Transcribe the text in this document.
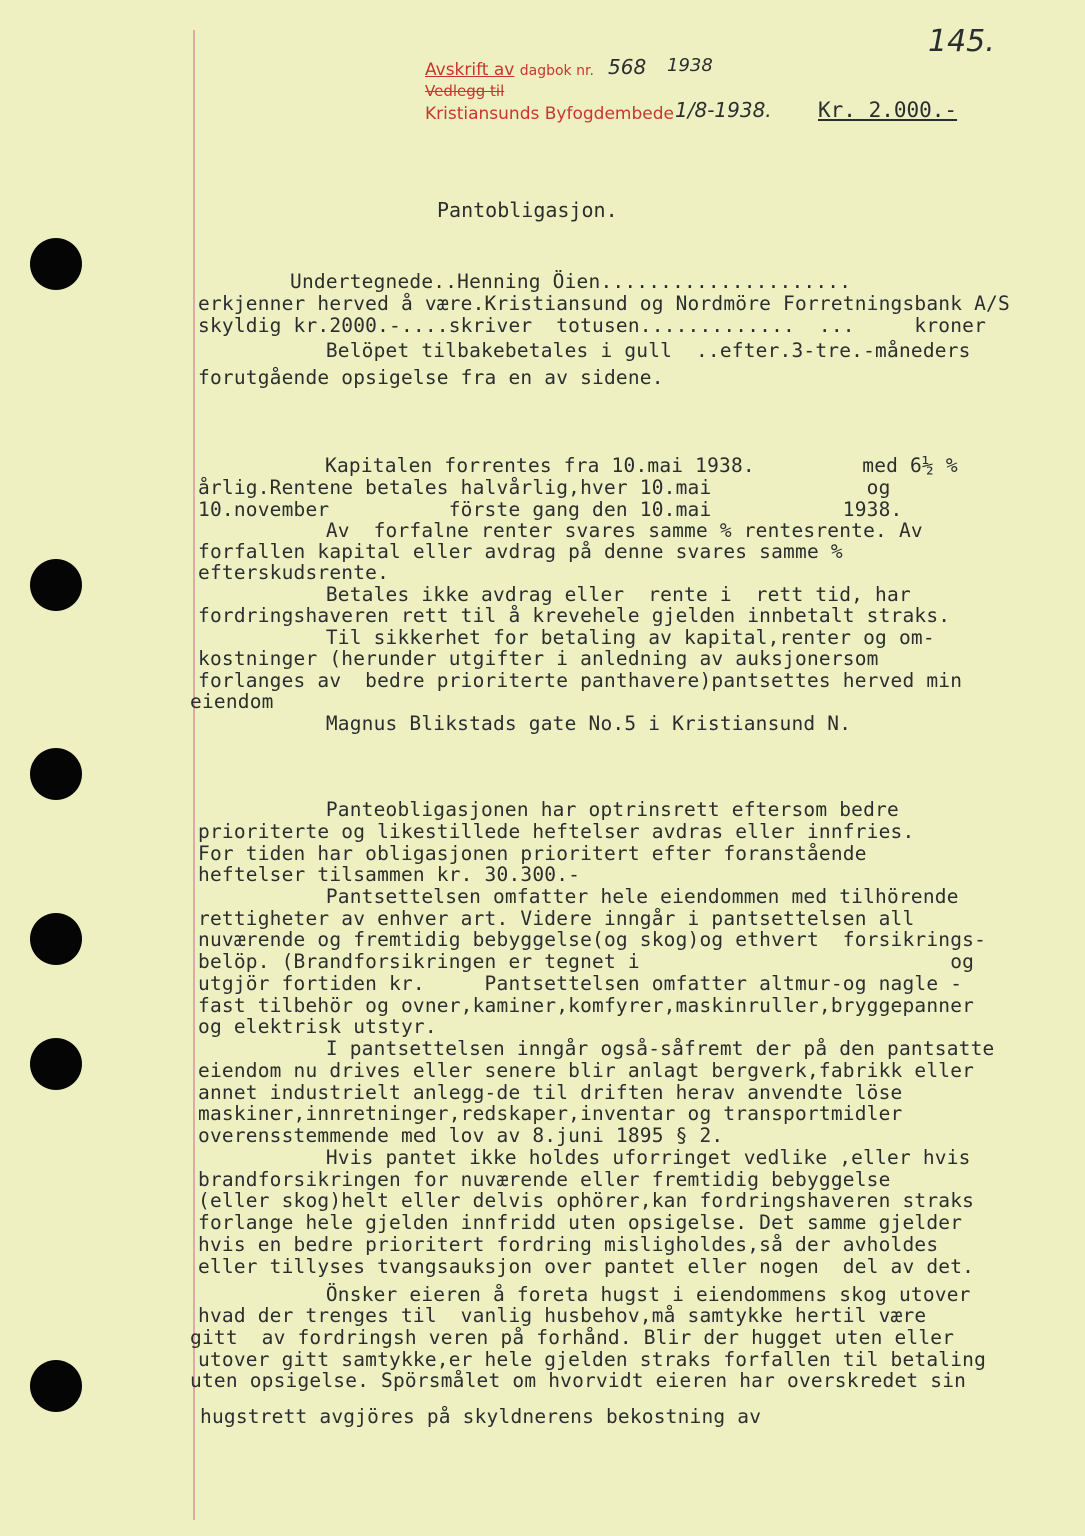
Avskrift av dagbok nr. 568 1938
Vedlegg til
Kristiansunds Byfogdembede 1/8-1938. Kr. 2.000.-
145.
Pantobligasjon.
Undertegnede..Henning Öien.....................
erkjenner herved å være.Kristiansund og Nordmöre Forretningsbank A/S
skyldig kr.2000.-....skriver  totusen.............  ...     kroner
Belöpet tilbakebetales i gull  ..efter.3-tre.-måneders
forutgående opsigelse fra en av sidene.
Kapitalen forrentes fra 10.mai 1938.         med 6½ %
årlig.Rentene betales halvårlig,hver 10.mai             og
10.november          förste gang den 10.mai           1938.
Av  forfalne renter svares samme % rentesrente. Av
forfallen kapital eller avdrag på denne svares samme %
efterskudsrente.
Betales ikke avdrag eller  rente i  rett tid, har
fordringshaveren rett til å krevehele gjelden innbetalt straks.
Til sikkerhet for betaling av kapital,renter og om-
kostninger (herunder utgifter i anledning av auksjonersom
forlanges av  bedre prioriterte panthavere)pantsettes herved min
eiendom
Magnus Blikstads gate No.5 i Kristiansund N.
Panteobligasjonen har optrinsrett eftersom bedre
prioriterte og likestillede heftelser avdras eller innfries.
For tiden har obligasjonen prioritert efter foranstående
heftelser tilsammen kr. 30.300.-
Pantsettelsen omfatter hele eiendommen med tilhörende
rettigheter av enhver art. Videre inngår i pantsettelsen all
nuværende og fremtidig bebyggelse(og skog)og ethvert  forsikrings-
belöp. (Brandforsikringen er tegnet i                          og
utgjör fortiden kr.     Pantsettelsen omfatter altmur-og nagle -
fast tilbehör og ovner,kaminer,komfyrer,maskinruller,bryggepanner
og elektrisk utstyr.
I pantsettelsen inngår også-såfremt der på den pantsatte
eiendom nu drives eller senere blir anlagt bergverk,fabrikk eller
annet industrielt anlegg-de til driften herav anvendte löse
maskiner,innretninger,redskaper,inventar og transportmidler
overensstemmende med lov av 8.juni 1895 § 2.
Hvis pantet ikke holdes uforringet vedlike ,eller hvis
brandforsikringen for nuværende eller fremtidig bebyggelse
(eller skog)helt eller delvis ophörer,kan fordringshaveren straks
forlange hele gjelden innfridd uten opsigelse. Det samme gjelder
hvis en bedre prioritert fordring misligholdes,så der avholdes
eller tillyses tvangsauksjon over pantet eller nogen  del av det.
Önsker eieren å foreta hugst i eiendommens skog utover
hvad der trenges til  vanlig husbehov,må samtykke hertil være
gitt  av fordringsh veren på forhånd. Blir der hugget uten eller
utover gitt samtykke,er hele gjelden straks forfallen til betaling
uten opsigelse. Spörsmålet om hvorvidt eieren har overskredet sin
hugstrett avgjöres på skyldnerens bekostning av
